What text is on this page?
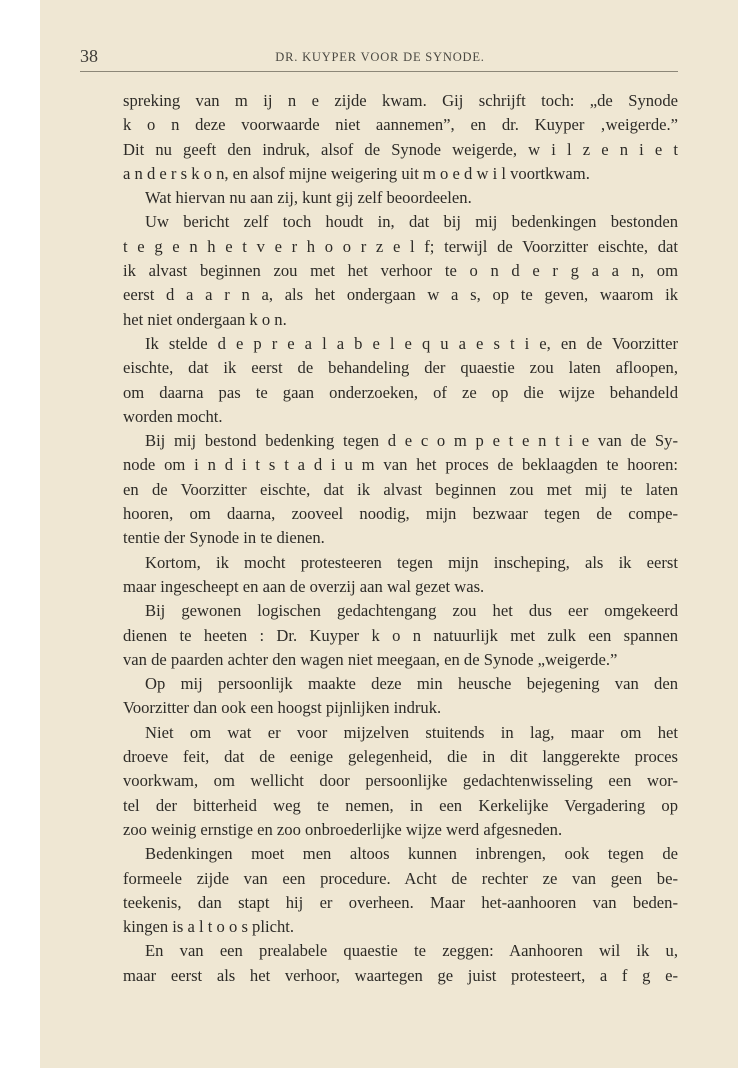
38	DR. KUYPER VOOR DE SYNODE.
spreking van m ij n e zijde kwam. Gij schrijft toch: „de Synode
k o n deze voorwaarde niet aannemen”, en dr. Kuyper ‚weigerde.”
Dit nu geeft den indruk, alsof de Synode weigerde, w i l z e n i e t
a n d e r s k o n, en alsof mijne weigering uit m o e d w i l voortkwam.
Wat hiervan nu aan zij, kunt gij zelf beoordeelen.
Uw bericht zelf toch houdt in, dat bij mij bedenkingen bestonden
t e g e n h e t v e r h o o r z e l f; terwijl de Voorzitter eischte, dat
ik alvast beginnen zou met het verhoor te o n d e r g a a n, om
eerst d a a r n a, als het ondergaan w a s, op te geven, waarom ik
het niet ondergaan k o n.
Ik stelde d e p r e a l a b e l e q u a e s t i e, en de Voorzitter
eischte, dat ik eerst de behandeling der quaestie zou laten afloopen,
om daarna pas te gaan onderzoeken, of ze op die wijze behandeld
worden mocht.
Bij mij bestond bedenking tegen d e c o m p e t e n t i e van de Sy-
node om i n d i t s t a d i u m van het proces de beklaagden te hooren:
en de Voorzitter eischte, dat ik alvast beginnen zou met mij te laten
hooren, om daarna, zooveel noodig, mijn bezwaar tegen de compe-
tentie der Synode in te dienen.
Kortom, ik mocht protesteeren tegen mijn inscheping, als ik eerst
maar ingescheept en aan de overzij aan wal gezet was.
Bij gewonen logischen gedachtengang zou het dus eer omgekeerd
dienen te heeten : Dr. Kuyper k o n natuurlijk met zulk een spannen
van de paarden achter den wagen niet meegaan, en de Synode „weigerde.”
Op mij persoonlijk maakte deze min heusche bejegening van den
Voorzitter dan ook een hoogst pijnlijken indruk.
Niet om wat er voor mijzelven stuitends in lag, maar om het
droeve feit, dat de eenige gelegenheid, die in dit langgerekte proces
voorkwam, om wellicht door persoonlijke gedachtenwisseling een wor-
tel der bitterheid weg te nemen, in een Kerkelijke Vergadering op
zoo weinig ernstige en zoo onbroederlijke wijze werd afgesneden.
Bedenkingen moet men altoos kunnen inbrengen, ook tegen de
formeele zijde van een procedure. Acht de rechter ze van geen be-
teekenis, dan stapt hij er overheen. Maar het-aanhooren van beden-
kingen is a l t o o s plicht.
En van een prealabele quaestie te zeggen: Aanhooren wil ik u,
maar eerst als het verhoor, waartegen ge juist protesteert, a f g e-
